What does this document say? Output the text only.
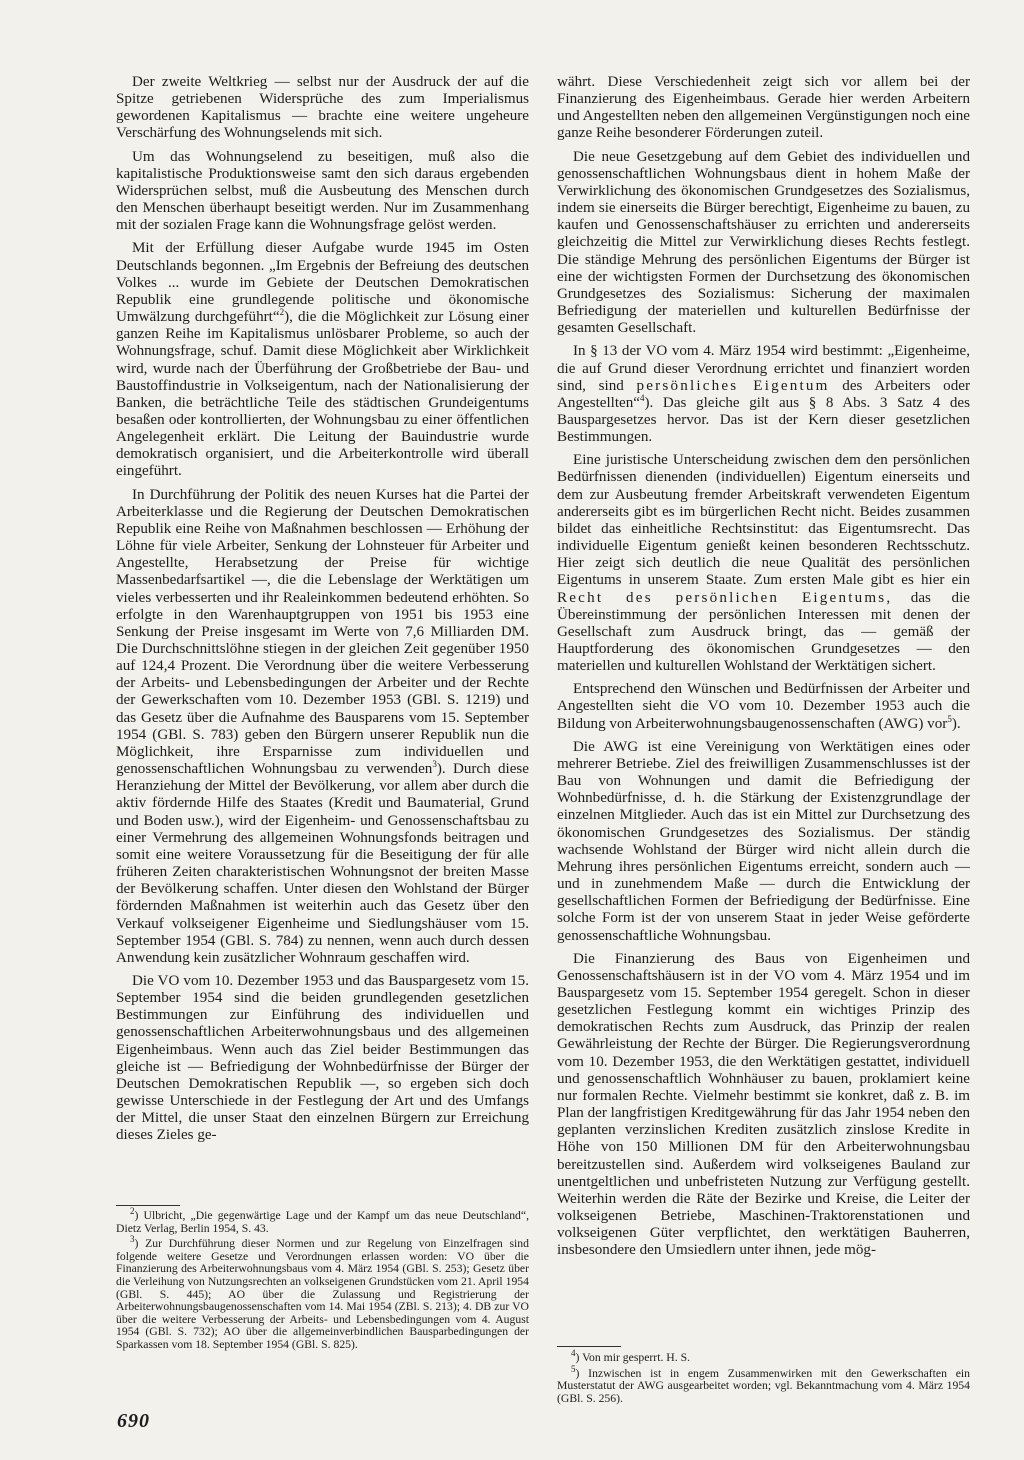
Der zweite Weltkrieg — selbst nur der Ausdruck der auf die Spitze getriebenen Widersprüche des zum Imperialismus gewordenen Kapitalismus — brachte eine weitere ungeheure Verschärfung des Wohnungselends mit sich.

Um das Wohnungselend zu beseitigen, muß also die kapitalistische Produktionsweise samt den sich daraus ergebenden Widersprüchen selbst, muß die Ausbeutung des Menschen durch den Menschen überhaupt beseitigt werden. Nur im Zusammenhang mit der sozialen Frage kann die Wohnungsfrage gelöst werden.

Mit der Erfüllung dieser Aufgabe wurde 1945 im Osten Deutschlands begonnen. „Im Ergebnis der Befreiung des deutschen Volkes ... wurde im Gebiete der Deutschen Demokratischen Republik eine grundlegende politische und ökonomische Umwälzung durchgeführt“$^2$), die die Möglichkeit zur Lösung einer ganzen Reihe im Kapitalismus unlösbarer Probleme, so auch der Wohnungsfrage, schuf. Damit diese Möglichkeit aber Wirklichkeit wird, wurde nach der Überführung der Großbetriebe der Bau- und Baustoffindustrie in Volkseigentum, nach der Nationalisierung der Banken, die beträchtliche Teile des städtischen Grundeigentums besaßen oder kontrollierten, der Wohnungsbau zu einer öffentlichen Angelegenheit erklärt. Die Leitung der Bauindustrie wurde demokratisch organisiert, und die Arbeiterkontrolle wird überall eingeführt.

In Durchführung der Politik des neuen Kurses hat die Partei der Arbeiterklasse und die Regierung der Deutschen Demokratischen Republik eine Reihe von Maßnahmen beschlossen — Erhöhung der Löhne für viele Arbeiter, Senkung der Lohnsteuer für Arbeiter und Angestellte, Herabsetzung der Preise für wichtige Massenbedarfsartikel —, die die Lebenslage der Werktätigen um vieles verbesserten und ihr Realeinkommen bedeutend erhöhten. So erfolgte in den Warenhauptgruppen von 1951 bis 1953 eine Senkung der Preise insgesamt im Werte von 7,6 Milliarden DM. Die Durchschnittslöhne stiegen in der gleichen Zeit gegenüber 1950 auf 124,4 Prozent. Die Verordnung über die weitere Verbesserung der Arbeits- und Lebensbedingungen der Arbeiter und der Rechte der Gewerkschaften vom 10. Dezember 1953 (GBl. S. 1219) und das Gesetz über die Aufnahme des Bausparens vom 15. September 1954 (GBl. S. 783) geben den Bürgern unserer Republik nun die Möglichkeit, ihre Ersparnisse zum individuellen und genossenschaftlichen Wohnungsbau zu verwenden$^3$). Durch diese Heranziehung der Mittel der Bevölkerung, vor allem aber durch die aktiv fördernde Hilfe des Staates (Kredit und Baumaterial, Grund und Boden usw.), wird der Eigenheim- und Genossenschaftsbau zu einer Vermehrung des allgemeinen Wohnungsfonds beitragen und somit eine weitere Voraussetzung für die Beseitigung der für alle früheren Zeiten charakteristischen Wohnungsnot der breiten Masse der Bevölkerung schaffen. Unter diesen den Wohlstand der Bürger fördernden Maßnahmen ist weiterhin auch das Gesetz über den Verkauf volkseigener Eigenheime und Siedlungshäuser vom 15. September 1954 (GBl. S. 784) zu nennen, wenn auch durch dessen Anwendung kein zusätzlicher Wohnraum geschaffen wird.

Die VO vom 10. Dezember 1953 und das Bauspargesetz vom 15. September 1954 sind die beiden grundlegenden gesetzlichen Bestimmungen zur Einführung des individuellen und genossenschaftlichen Arbeiterwohnungsbaus und des allgemeinen Eigenheimbaus. Wenn auch das Ziel beider Bestimmungen das gleiche ist — Befriedigung der Wohnbedürfnisse der Bürger der Deutschen Demokratischen Republik —, so ergeben sich doch gewisse Unterschiede in der Festlegung der Art und des Umfangs der Mittel, die unser Staat den einzelnen Bürgern zur Erreichung dieses Zieles ge-

währt. Diese Verschiedenheit zeigt sich vor allem bei der Finanzierung des Eigenheimbaus. Gerade hier werden Arbeitern und Angestellten neben den allgemeinen Vergünstigungen noch eine ganze Reihe besonderer Förderungen zuteil.

Die neue Gesetzgebung auf dem Gebiet des individuellen und genossenschaftlichen Wohnungsbaus dient in hohem Maße der Verwirklichung des ökonomischen Grundgesetzes des Sozialismus, indem sie einerseits die Bürger berechtigt, Eigenheime zu bauen, zu kaufen und Genossenschaftshäuser zu errichten und andererseits gleichzeitig die Mittel zur Verwirklichung dieses Rechts festlegt. Die ständige Mehrung des persönlichen Eigentums der Bürger ist eine der wichtigsten Formen der Durchsetzung des ökonomischen Grundgesetzes des Sozialismus: Sicherung der maximalen Befriedigung der materiellen und kulturellen Bedürfnisse der gesamten Gesellschaft.

In § 13 der VO vom 4. März 1954 wird bestimmt: „Eigenheime, die auf Grund dieser Verordnung errichtet und finanziert worden sind, sind persönliches Eigentum des Arbeiters oder Angestellten“$^4$). Das gleiche gilt aus § 8 Abs. 3 Satz 4 des Bauspargesetzes hervor. Das ist der Kern dieser gesetzlichen Bestimmungen.

Eine juristische Unterscheidung zwischen dem den persönlichen Bedürfnissen dienenden (individuellen) Eigentum einerseits und dem zur Ausbeutung fremder Arbeitskraft verwendeten Eigentum andererseits gibt es im bürgerlichen Recht nicht. Beides zusammen bildet das einheitliche Rechtsinstitut: das Eigentumsrecht. Das individuelle Eigentum genießt keinen besonderen Rechtsschutz. Hier zeigt sich deutlich die neue Qualität des persönlichen Eigentums in unserem Staate. Zum ersten Male gibt es hier ein Recht des persönlichen Eigentums, das die Übereinstimmung der persönlichen Interessen mit denen der Gesellschaft zum Ausdruck bringt, das — gemäß der Hauptforderung des ökonomischen Grundgesetzes — den materiellen und kulturellen Wohlstand der Werktätigen sichert.

Entsprechend den Wünschen und Bedürfnissen der Arbeiter und Angestellten sieht die VO vom 10. Dezember 1953 auch die Bildung von Arbeiterwohnungsbaugenossenschaften (AWG) vor$^5$).

Die AWG ist eine Vereinigung von Werktätigen eines oder mehrerer Betriebe. Ziel des freiwilligen Zusammenschlusses ist der Bau von Wohnungen und damit die Befriedigung der Wohnbedürfnisse, d. h. die Stärkung der Existenzgrundlage der einzelnen Mitglieder. Auch das ist ein Mittel zur Durchsetzung des ökonomischen Grundgesetzes des Sozialismus. Der ständig wachsende Wohlstand der Bürger wird nicht allein durch die Mehrung ihres persönlichen Eigentums erreicht, sondern auch — und in zunehmendem Maße — durch die Entwicklung der gesellschaftlichen Formen der Befriedigung der Bedürfnisse. Eine solche Form ist der von unserem Staat in jeder Weise geförderte genossenschaftliche Wohnungsbau.

Die Finanzierung des Baus von Eigenheimen und Genossenschaftshäusern ist in der VO vom 4. März 1954 und im Bauspargesetz vom 15. September 1954 geregelt. Schon in dieser gesetzlichen Festlegung kommt ein wichtiges Prinzip des demokratischen Rechts zum Ausdruck, das Prinzip der realen Gewährleistung der Rechte der Bürger. Die Regierungsverordnung vom 10. Dezember 1953, die den Werktätigen gestattet, individuell und genossenschaftlich Wohnhäuser zu bauen, proklamiert keine nur formalen Rechte. Vielmehr bestimmt sie konkret, daß z. B. im Plan der langfristigen Kreditgewährung für das Jahr 1954 neben den geplanten verzinslichen Krediten zusätzlich zinslose Kredite in Höhe von 150 Millionen DM für den Arbeiterwohnungsbau bereitzustellen sind. Außerdem wird volkseigenes Bauland zur unentgeltlichen und unbefristeten Nutzung zur Verfügung gestellt. Weiterhin werden die Räte der Bezirke und Kreise, die Leiter der volkseigenen Betriebe, Maschinen-Traktorenstationen und volkseigenen Güter verpflichtet, den werktätigen Bauherren, insbesondere den Umsiedlern unter ihnen, jede mög-

$^2$) Ulbricht, „Die gegenwärtige Lage und der Kampf um das neue Deutschland“, Dietz Verlag, Berlin 1954, S. 43.

$^3$) Zur Durchführung dieser Normen und zur Regelung von Einzelfragen sind folgende weitere Gesetze und Verordnungen erlassen worden: VO über die Finanzierung des Arbeiterwohnungsbaus vom 4. März 1954 (GBl. S. 253); Gesetz über die Verleihung von Nutzungsrechten an volkseigenen Grundstücken vom 21. April 1954 (GBl. S. 445); AO über die Zulassung und Registrierung der Arbeiterwohnungsbaugenossenschaften vom 14. Mai 1954 (ZBl. S. 213); 4. DB zur VO über die weitere Verbesserung der Arbeits- und Lebensbedingungen vom 4. August 1954 (GBl. S. 732); AO über die allgemeinverbindlichen Bausparbedingungen der Sparkassen vom 18. September 1954 (GBl. S. 825).

$^4$) Von mir gesperrt. H. S.

$^5$) Inzwischen ist in engem Zusammenwirken mit den Gewerkschaften ein Musterstatut der AWG ausgearbeitet worden; vgl. Bekanntmachung vom 4. März 1954 (GBl. S. 256).

690
